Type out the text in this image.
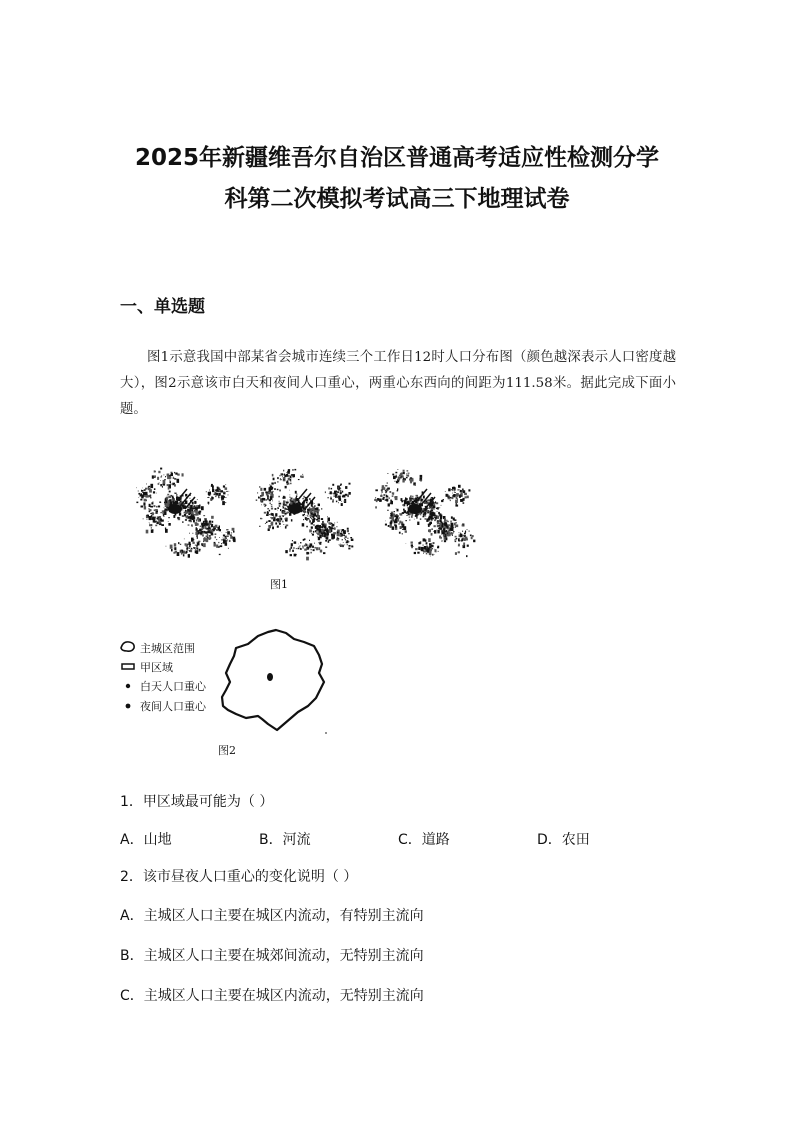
2025年新疆维吾尔自治区普通高考适应性检测分学
科第二次模拟考试高三下地理试卷
一、单选题
图1示意我国中部某省会城市连续三个工作日12时人口分布图（颜色越深表示人口密度越大），图2示意该市白天和夜间人口重心，两重心东西向的间距为111.58米。据此完成下面小题。
图1
主城区范围
甲区域
白天人口重心
夜间人口重心
图2
1．甲区域最可能为（ ）
A．山地	B．河流	C．道路	D．农田
2．该市昼夜人口重心的变化说明（ ）
A．主城区人口主要在城区内流动，有特别主流向
B．主城区人口主要在城郊间流动，无特别主流向
C．主城区人口主要在城区内流动，无特别主流向
